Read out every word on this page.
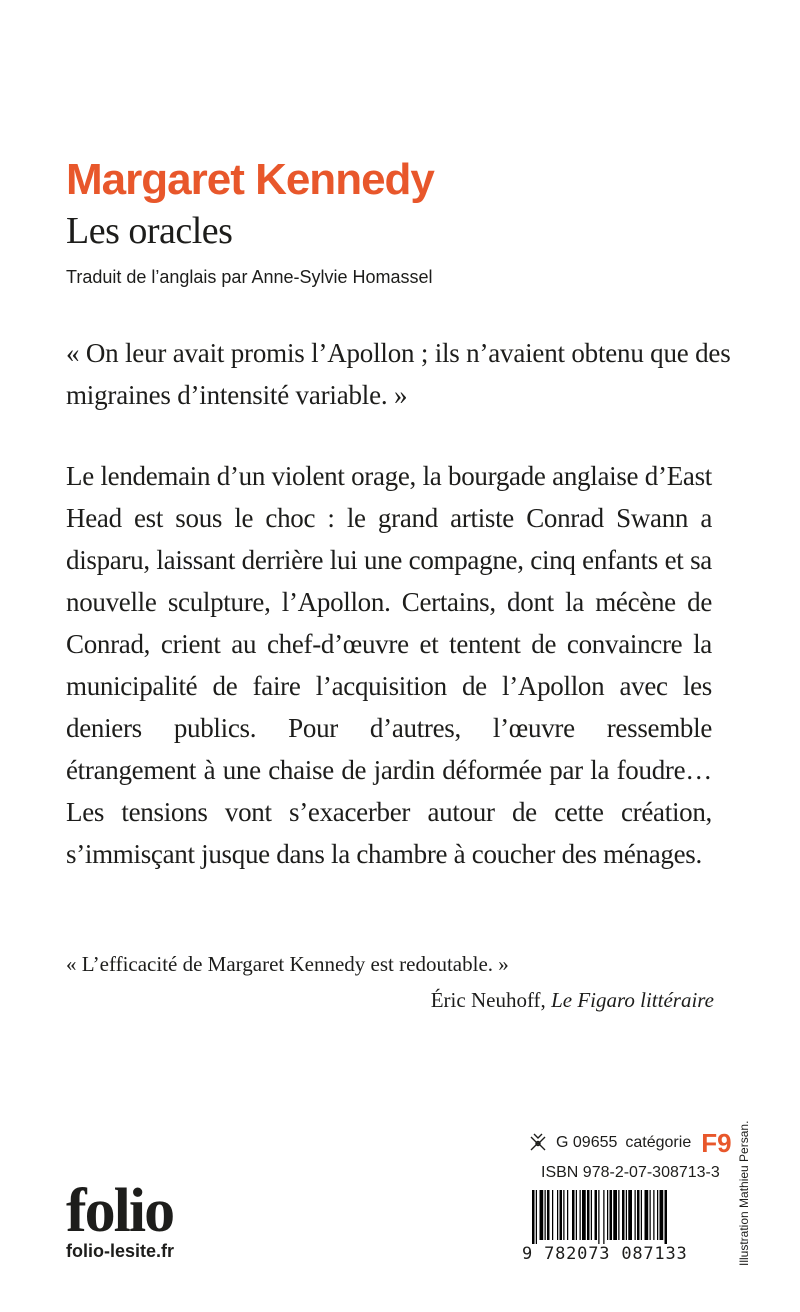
Margaret Kennedy
Les oracles
Traduit de l’anglais par Anne-Sylvie Homassel

« On leur avait promis l’Apollon ; ils n’avaient obtenu que des migraines d’intensité variable. »

Le lendemain d’un violent orage, la bourgade anglaise d’East Head est sous le choc : le grand artiste Conrad Swann a disparu, laissant derrière lui une compagne, cinq enfants et sa nouvelle sculpture, l’Apollon. Certains, dont la mécène de Conrad, crient au chef-d’œuvre et tentent de convaincre la municipalité de faire l’acquisition de l’Apollon avec les deniers publics. Pour d’autres, l’œuvre ressemble étrangement à une chaise de jardin déformée par la foudre… Les tensions vont s’exacerber autour de cette création, s’immisçant jusque dans la chambre à coucher des ménages.

« L’efficacité de Margaret Kennedy est redoutable. »
Éric Neuhoff, Le Figaro littéraire
folio
folio-lesite.fr
G 09655 catégorie F9
ISBN 978-2-07-308713-3
9 782073 087133	Illustration Mathieu Persan.
